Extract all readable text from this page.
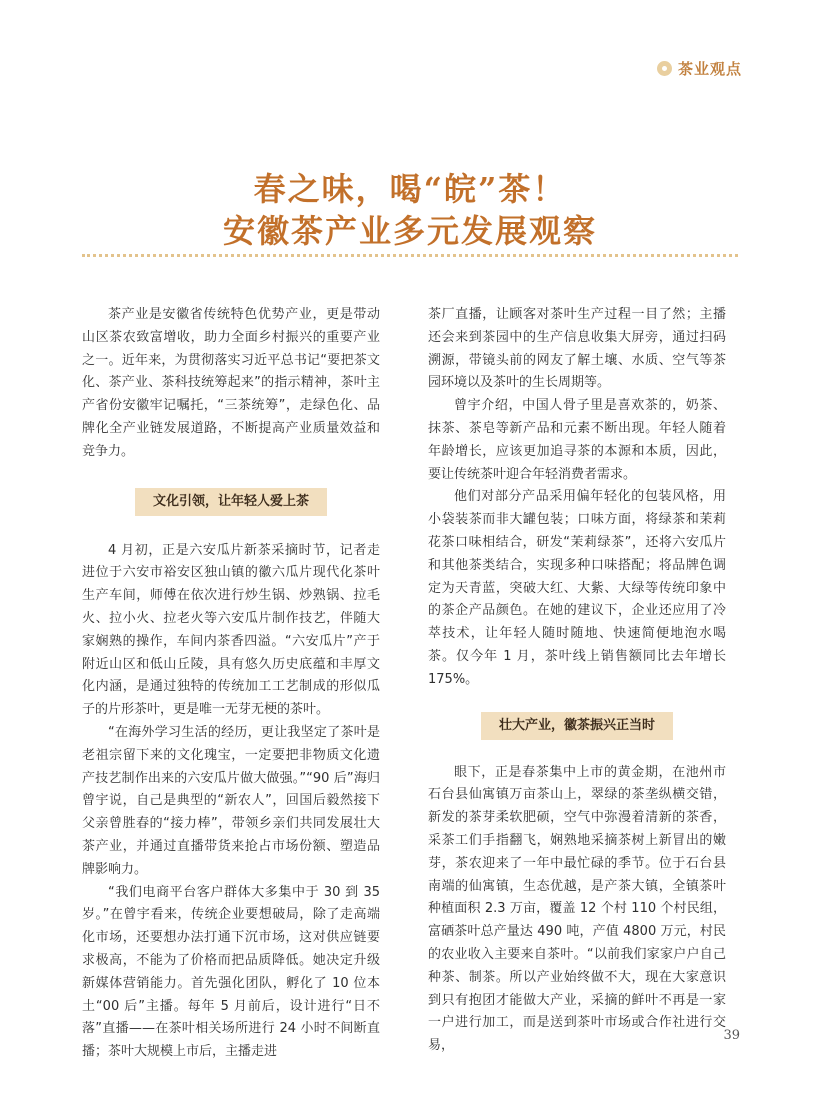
茶业观点
春之味，喝“皖”茶！
安徽茶产业多元发展观察

茶产业是安徽省传统特色优势产业，更是带动山区茶农致富增收，助力全面乡村振兴的重要产业之一。近年来，为贯彻落实习近平总书记“要把茶文化、茶产业、茶科技统筹起来”的指示精神，茶叶主产省份安徽牢记嘱托，“三茶统筹”，走绿色化、品牌化全产业链发展道路，不断提高产业质量效益和竞争力。

文化引领，让年轻人爱上茶

4 月初，正是六安瓜片新茶采摘时节，记者走进位于六安市裕安区独山镇的徽六瓜片现代化茶叶生产车间，师傅在依次进行炒生锅、炒熟锅、拉毛火、拉小火、拉老火等六安瓜片制作技艺，伴随大家娴熟的操作，车间内茶香四溢。“六安瓜片”产于附近山区和低山丘陵，具有悠久历史底蕴和丰厚文化内涵，是通过独特的传统加工工艺制成的形似瓜子的片形茶叶，更是唯一无芽无梗的茶叶。

“在海外学习生活的经历，更让我坚定了茶叶是老祖宗留下来的文化瑰宝，一定要把非物质文化遗产技艺制作出来的六安瓜片做大做强。”“90 后”海归曾宇说，自己是典型的“新农人”，回国后毅然接下父亲曾胜春的“接力棒”，带领乡亲们共同发展壮大茶产业，并通过直播带货来抢占市场份额、塑造品牌影响力。

“我们电商平台客户群体大多集中于 30 到 35 岁。”在曾宇看来，传统企业要想破局，除了走高端化市场，还要想办法打通下沉市场，这对供应链要求极高，不能为了价格而把品质降低。她决定升级新媒体营销能力。首先强化团队，孵化了 10 位本土“00 后”主播。每年 5 月前后，设计进行“日不落”直播——在茶叶相关场所进行 24 小时不间断直播；茶叶大规模上市后，主播走进

茶厂直播，让顾客对茶叶生产过程一目了然；主播还会来到茶园中的生产信息收集大屏旁，通过扫码溯源，带镜头前的网友了解土壤、水质、空气等茶园环境以及茶叶的生长周期等。

曾宇介绍，中国人骨子里是喜欢茶的，奶茶、抹茶、茶皂等新产品和元素不断出现。年轻人随着年龄增长，应该更加追寻茶的本源和本质，因此，要让传统茶叶迎合年轻消费者需求。

他们对部分产品采用偏年轻化的包装风格，用小袋装茶而非大罐包装；口味方面，将绿茶和茉莉花茶口味相结合，研发“茉莉绿茶”，还将六安瓜片和其他茶类结合，实现多种口味搭配；将品牌色调定为天青蓝，突破大红、大紫、大绿等传统印象中的茶企产品颜色。在她的建议下，企业还应用了冷萃技术，让年轻人随时随地、快速简便地泡水喝茶。仅今年 1 月，茶叶线上销售额同比去年增长 175%。

壮大产业，徽茶振兴正当时

眼下，正是春茶集中上市的黄金期，在池州市石台县仙寓镇万亩茶山上，翠绿的茶垄纵横交错，新发的茶芽柔软肥硕，空气中弥漫着清新的茶香，采茶工们手指翻飞，娴熟地采摘茶树上新冒出的嫩芽，茶农迎来了一年中最忙碌的季节。位于石台县南端的仙寓镇，生态优越，是产茶大镇，全镇茶叶种植面积 2.3 万亩，覆盖 12 个村 110 个村民组，富硒茶叶总产量达 490 吨，产值 4800 万元，村民的农业收入主要来自茶叶。“以前我们家家户户自己种茶、制茶。所以产业始终做不大，现在大家意识到只有抱团才能做大产业，采摘的鲜叶不再是一家一户进行加工，而是送到茶叶市场或合作社进行交易，

39
